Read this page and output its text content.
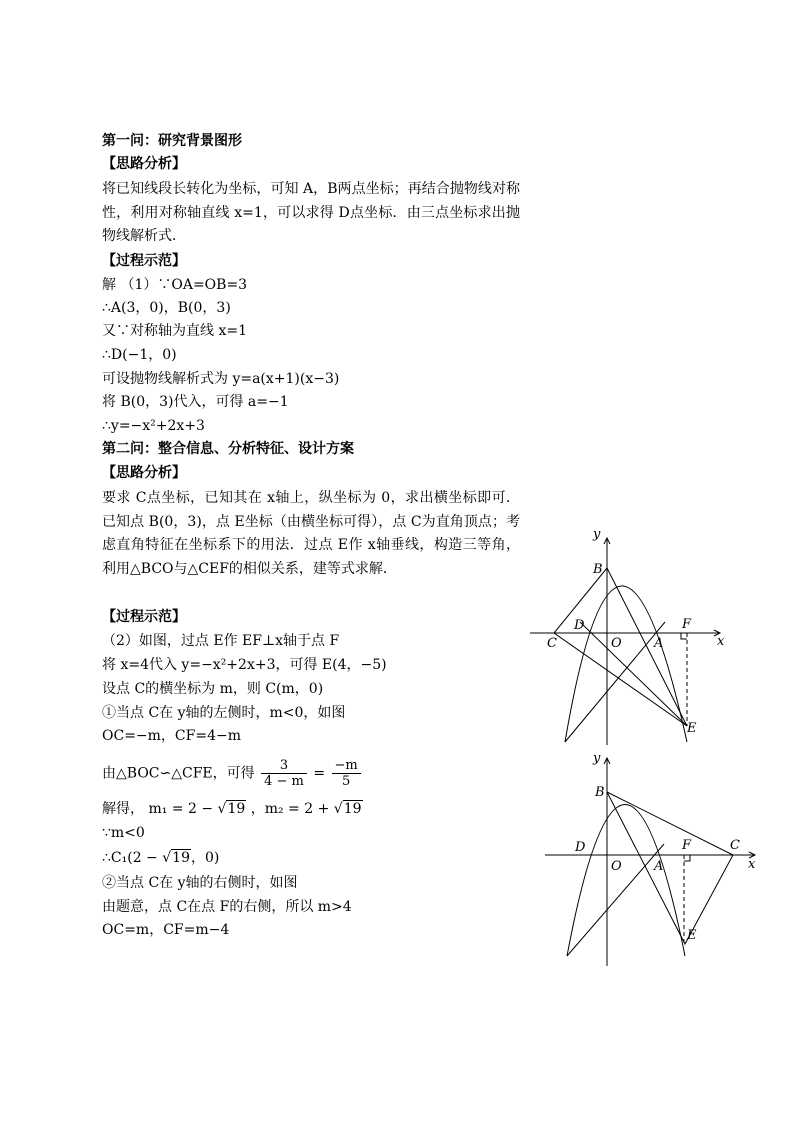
第一问：研究背景图形
【思路分析】
将已知线段长转化为坐标，可知 A，B两点坐标；再结合抛物线对称性，利用对称轴直线 x=1，可以求得 D点坐标．由三点坐标求出抛物线解析式．
【过程示范】
解 （1）∵OA=OB=3
∴A(3，0)，B(0，3)
又∵对称轴为直线 x=1
∴D(−1，0)
可设抛物线解析式为 y=a(x+1)(x−3)
将 B(0，3)代入，可得 a=−1
∴y=−x²+2x+3
第二问：整合信息、分析特征、设计方案
【思路分析】
要求 C点坐标，已知其在 x轴上，纵坐标为 0，求出横坐标即可．已知点 B(0，3)，点 E坐标（由横坐标可得），点 C为直角顶点；考虑直角特征在坐标系下的用法．过点 E作 x轴垂线，构造三等角，利用△BCO与△CEF的相似关系，建等式求解．
【过程示范】
（2）如图，过点 E作 EF⊥x轴于点 F
将 x=4代入 y=−x²+2x+3，可得 E(4，−5)
设点 C的横坐标为 m，则 C(m，0)
①当点 C在 y轴的左侧时，m<0，如图
OC=−m，CF=4−m
由△BOC∽△CFE，可得 $\frac{3}{4 - m} = \frac{-m}{5}$
解得， m₁ = 2 − √19 ，m₂ = 2 + √19
∵m<0
∴C₁(2 − √19，0)
②当点 C在 y轴的右侧时，如图
由题意，点 C在点 F的右侧，所以 m>4
OC=m，CF=m−4
y
x
B
D
C	O A
F
E
y
x
B
D	C
O A
F
E
